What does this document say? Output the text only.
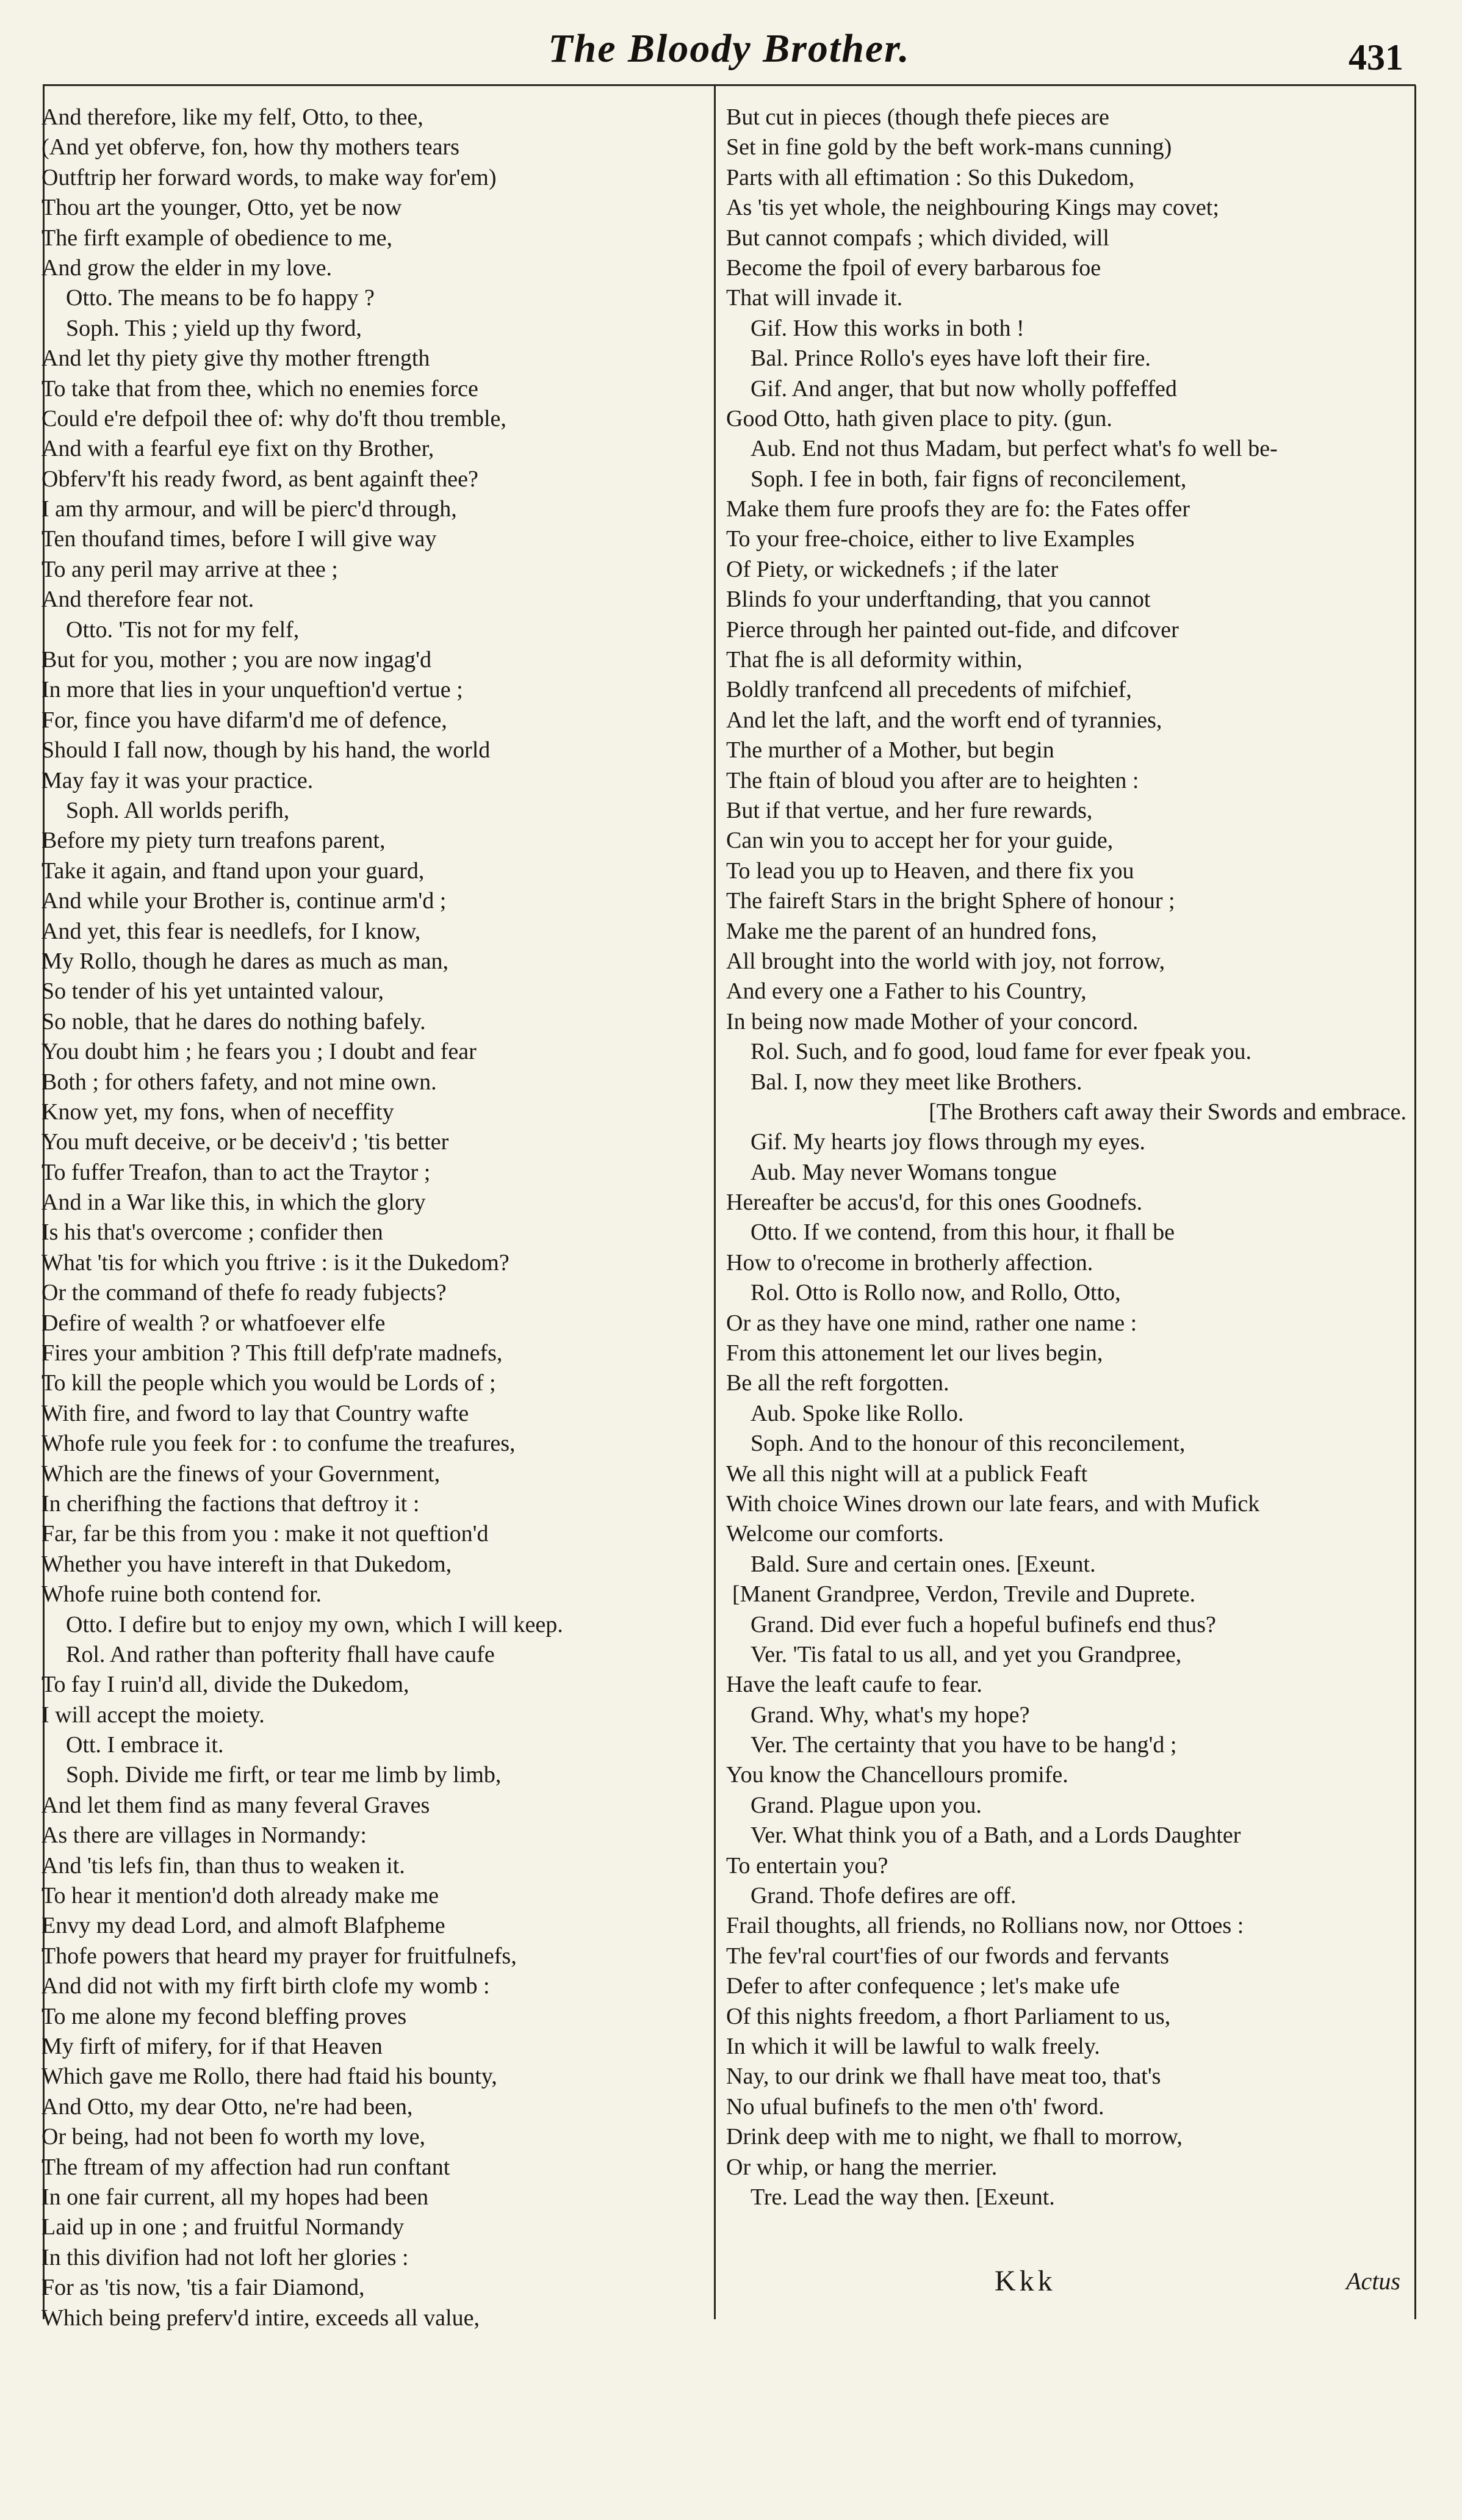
The Bloody Brother.	431
And therefore, like my felf, Otto, to thee,
(And yet obferve, fon, how thy mothers tears
Outftrip her forward words, to make way for'em)
Thou art the younger, Otto, yet be now
The firft example of obedience to me,
And grow the elder in my love.
Otto. The means to be fo happy ?
Soph. This ; yield up thy fword,
And let thy piety give thy mother ftrength
To take that from thee, which no enemies force
Could e're defpoil thee of: why do'ft thou tremble,
And with a fearful eye fixt on thy Brother,
Obferv'ft his ready fword, as bent againft thee?
I am thy armour, and will be pierc'd through,
Ten thoufand times, before I will give way
To any peril may arrive at thee ;
And therefore fear not.
Otto. 'Tis not for my felf,
But for you, mother ; you are now ingag'd
In more that lies in your unqueftion'd vertue ;
For, fince you have difarm'd me of defence,
Should I fall now, though by his hand, the world
May fay it was your practice.
Soph. All worlds perifh,
Before my piety turn treafons parent,
Take it again, and ftand upon your guard,
And while your Brother is, continue arm'd ;
And yet, this fear is needlefs, for I know,
My Rollo, though he dares as much as man,
So tender of his yet untainted valour,
So noble, that he dares do nothing bafely.
You doubt him ; he fears you ; I doubt and fear
Both ; for others fafety, and not mine own.
Know yet, my fons, when of neceffity
You muft deceive, or be deceiv'd ; 'tis better
To fuffer Treafon, than to act the Traytor ;
And in a War like this, in which the glory
Is his that's overcome ; confider then
What 'tis for which you ftrive : is it the Dukedom?
Or the command of thefe fo ready fubjects?
Defire of wealth ? or whatfoever elfe
Fires your ambition ? This ftill defp'rate madnefs,
To kill the people which you would be Lords of ;
With fire, and fword to lay that Country wafte
Whofe rule you feek for : to confume the treafures,
Which are the finews of your Government,
In cherifhing the factions that deftroy it :
Far, far be this from you : make it not queftion'd
Whether you have intereft in that Dukedom,
Whofe ruine both contend for.
Otto. I defire but to enjoy my own, which I will keep.
Rol. And rather than pofterity fhall have caufe
To fay I ruin'd all, divide the Dukedom,
I will accept the moiety.
Ott. I embrace it.
Soph. Divide me firft, or tear me limb by limb,
And let them find as many feveral Graves
As there are villages in Normandy:
And 'tis lefs fin, than thus to weaken it.
To hear it mention'd doth already make me
Envy my dead Lord, and almoft Blafpheme
Thofe powers that heard my prayer for fruitfulnefs,
And did not with my firft birth clofe my womb :
To me alone my fecond bleffing proves
My firft of mifery, for if that Heaven
Which gave me Rollo, there had ftaid his bounty,
And Otto, my dear Otto, ne're had been,
Or being, had not been fo worth my love,
The ftream of my affection had run conftant
In one fair current, all my hopes had been
Laid up in one ; and fruitful Normandy
In this divifion had not loft her glories :
For as 'tis now, 'tis a fair Diamond,
Which being preferv'd intire, exceeds all value,
But cut in pieces (though thefe pieces are
Set in fine gold by the beft work-mans cunning)
Parts with all eftimation : So this Dukedom,
As 'tis yet whole, the neighbouring Kings may covet;
But cannot compafs ; which divided, will
Become the fpoil of every barbarous foe
That will invade it.
Gif. How this works in both !
Bal. Prince Rollo's eyes have loft their fire.
Gif. And anger, that but now wholly poffeffed
Good Otto, hath given place to pity. (gun.
Aub. End not thus Madam, but perfect what's fo well be-
Soph. I fee in both, fair figns of reconcilement,
Make them fure proofs they are fo: the Fates offer
To your free-choice, either to live Examples
Of Piety, or wickednefs ; if the later
Blinds fo your underftanding, that you cannot
Pierce through her painted out-fide, and difcover
That fhe is all deformity within,
Boldly tranfcend all precedents of mifchief,
And let the laft, and the worft end of tyrannies,
The murther of a Mother, but begin
The ftain of bloud you after are to heighten :
But if that vertue, and her fure rewards,
Can win you to accept her for your guide,
To lead you up to Heaven, and there fix you
The faireft Stars in the bright Sphere of honour ;
Make me the parent of an hundred fons,
All brought into the world with joy, not forrow,
And every one a Father to his Country,
In being now made Mother of your concord.
Rol. Such, and fo good, loud fame for ever fpeak you.
Bal. I, now they meet like Brothers.
[The Brothers caft away their Swords and embrace.
Gif. My hearts joy flows through my eyes.
Aub. May never Womans tongue
Hereafter be accus'd, for this ones Goodnefs.
Otto. If we contend, from this hour, it fhall be
How to o'recome in brotherly affection.
Rol. Otto is Rollo now, and Rollo, Otto,
Or as they have one mind, rather one name :
From this attonement let our lives begin,
Be all the reft forgotten.
Aub. Spoke like Rollo.
Soph. And to the honour of this reconcilement,
We all this night will at a publick Feaft
With choice Wines drown our late fears, and with Mufick
Welcome our comforts.
Bald. Sure and certain ones. [Exeunt.
[Manent Grandpree, Verdon, Trevile and Duprete.
Grand. Did ever fuch a hopeful bufinefs end thus?
Ver. 'Tis fatal to us all, and yet you Grandpree,
Have the leaft caufe to fear.
Grand. Why, what's my hope?
Ver. The certainty that you have to be hang'd ;
You know the Chancellours promife.
Grand. Plague upon you.
Ver. What think you of a Bath, and a Lords Daughter
To entertain you?
Grand. Thofe defires are off.
Frail thoughts, all friends, no Rollians now, nor Ottoes :
The fev'ral court'fies of our fwords and fervants
Defer to after confequence ; let's make ufe
Of this nights freedom, a fhort Parliament to us,
In which it will be lawful to walk freely.
Nay, to our drink we fhall have meat too, that's
No ufual bufinefs to the men o'th' fword.
Drink deep with me to night, we fhall to morrow,
Or whip, or hang the merrier.
Tre. Lead the way then. [Exeunt.
Kkk	Actus
